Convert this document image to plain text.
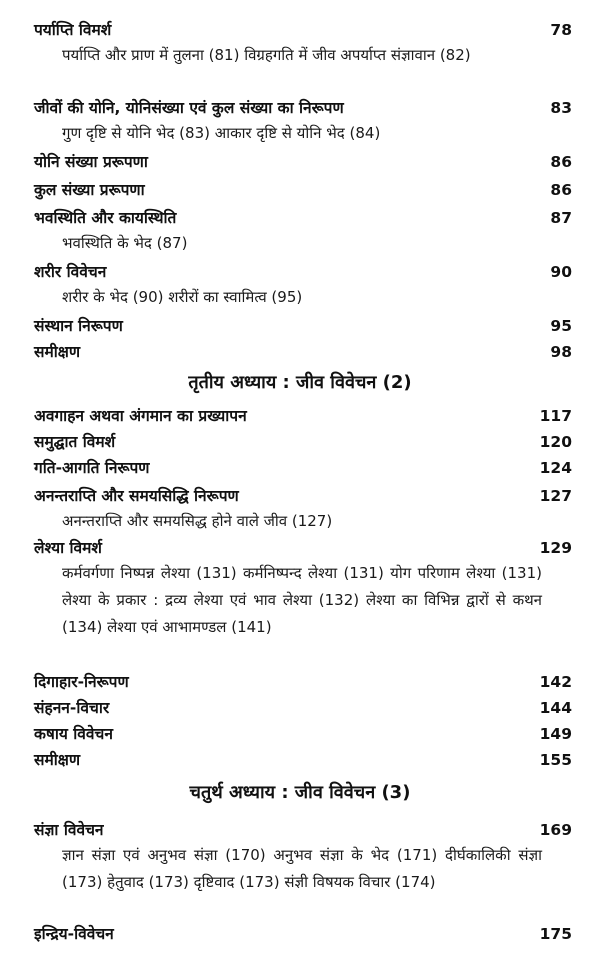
पर्याप्ति विमर्श	78
पर्याप्ति और प्राण में तुलना (81) विग्रहगति में जीव अपर्याप्त संज्ञावान (82)
जीवों की योनि, योनिसंख्या एवं कुल संख्या का निरूपण	83
गुण दृष्टि से योनि भेद (83) आकार दृष्टि से योनि भेद (84)
योनि संख्या प्ररूपणा	86
कुल संख्या प्ररूपणा	86
भवस्थिति और कायस्थिति	87
भवस्थिति के भेद (87)
शरीर विवेचन	90
शरीर के भेद (90) शरीरों का स्वामित्व (95)
संस्थान निरूपण	95
समीक्षण	98
तृतीय अध्याय : जीव विवेचन (2)
अवगाहन अथवा अंगमान का प्रख्यापन	117
समुद्घात विमर्श	120
गति-आगति निरूपण	124
अनन्तराप्ति और समयसिद्धि निरूपण	127
अनन्तराप्ति और समयसिद्ध होने वाले जीव (127)
लेश्या विमर्श	129
कर्मवर्गणा निष्पन्न लेश्या (131) कर्मनिष्पन्द लेश्या (131) योग परिणाम लेश्या (131) लेश्या के प्रकार : द्रव्य लेश्या एवं भाव लेश्या (132) लेश्या का विभिन्न द्वारों से कथन (134) लेश्या एवं आभामण्डल (141)
दिगाहार-निरूपण	142
संहनन-विचार	144
कषाय विवेचन	149
समीक्षण	155
चतुर्थ अध्याय : जीव विवेचन (3)
संज्ञा विवेचन	169
ज्ञान संज्ञा एवं अनुभव संज्ञा (170) अनुभव संज्ञा के भेद (171) दीर्घकालिकी संज्ञा (173) हेतुवाद (173) दृष्टिवाद (173) संज्ञी विषयक विचार (174)
इन्द्रिय-विवेचन	175
